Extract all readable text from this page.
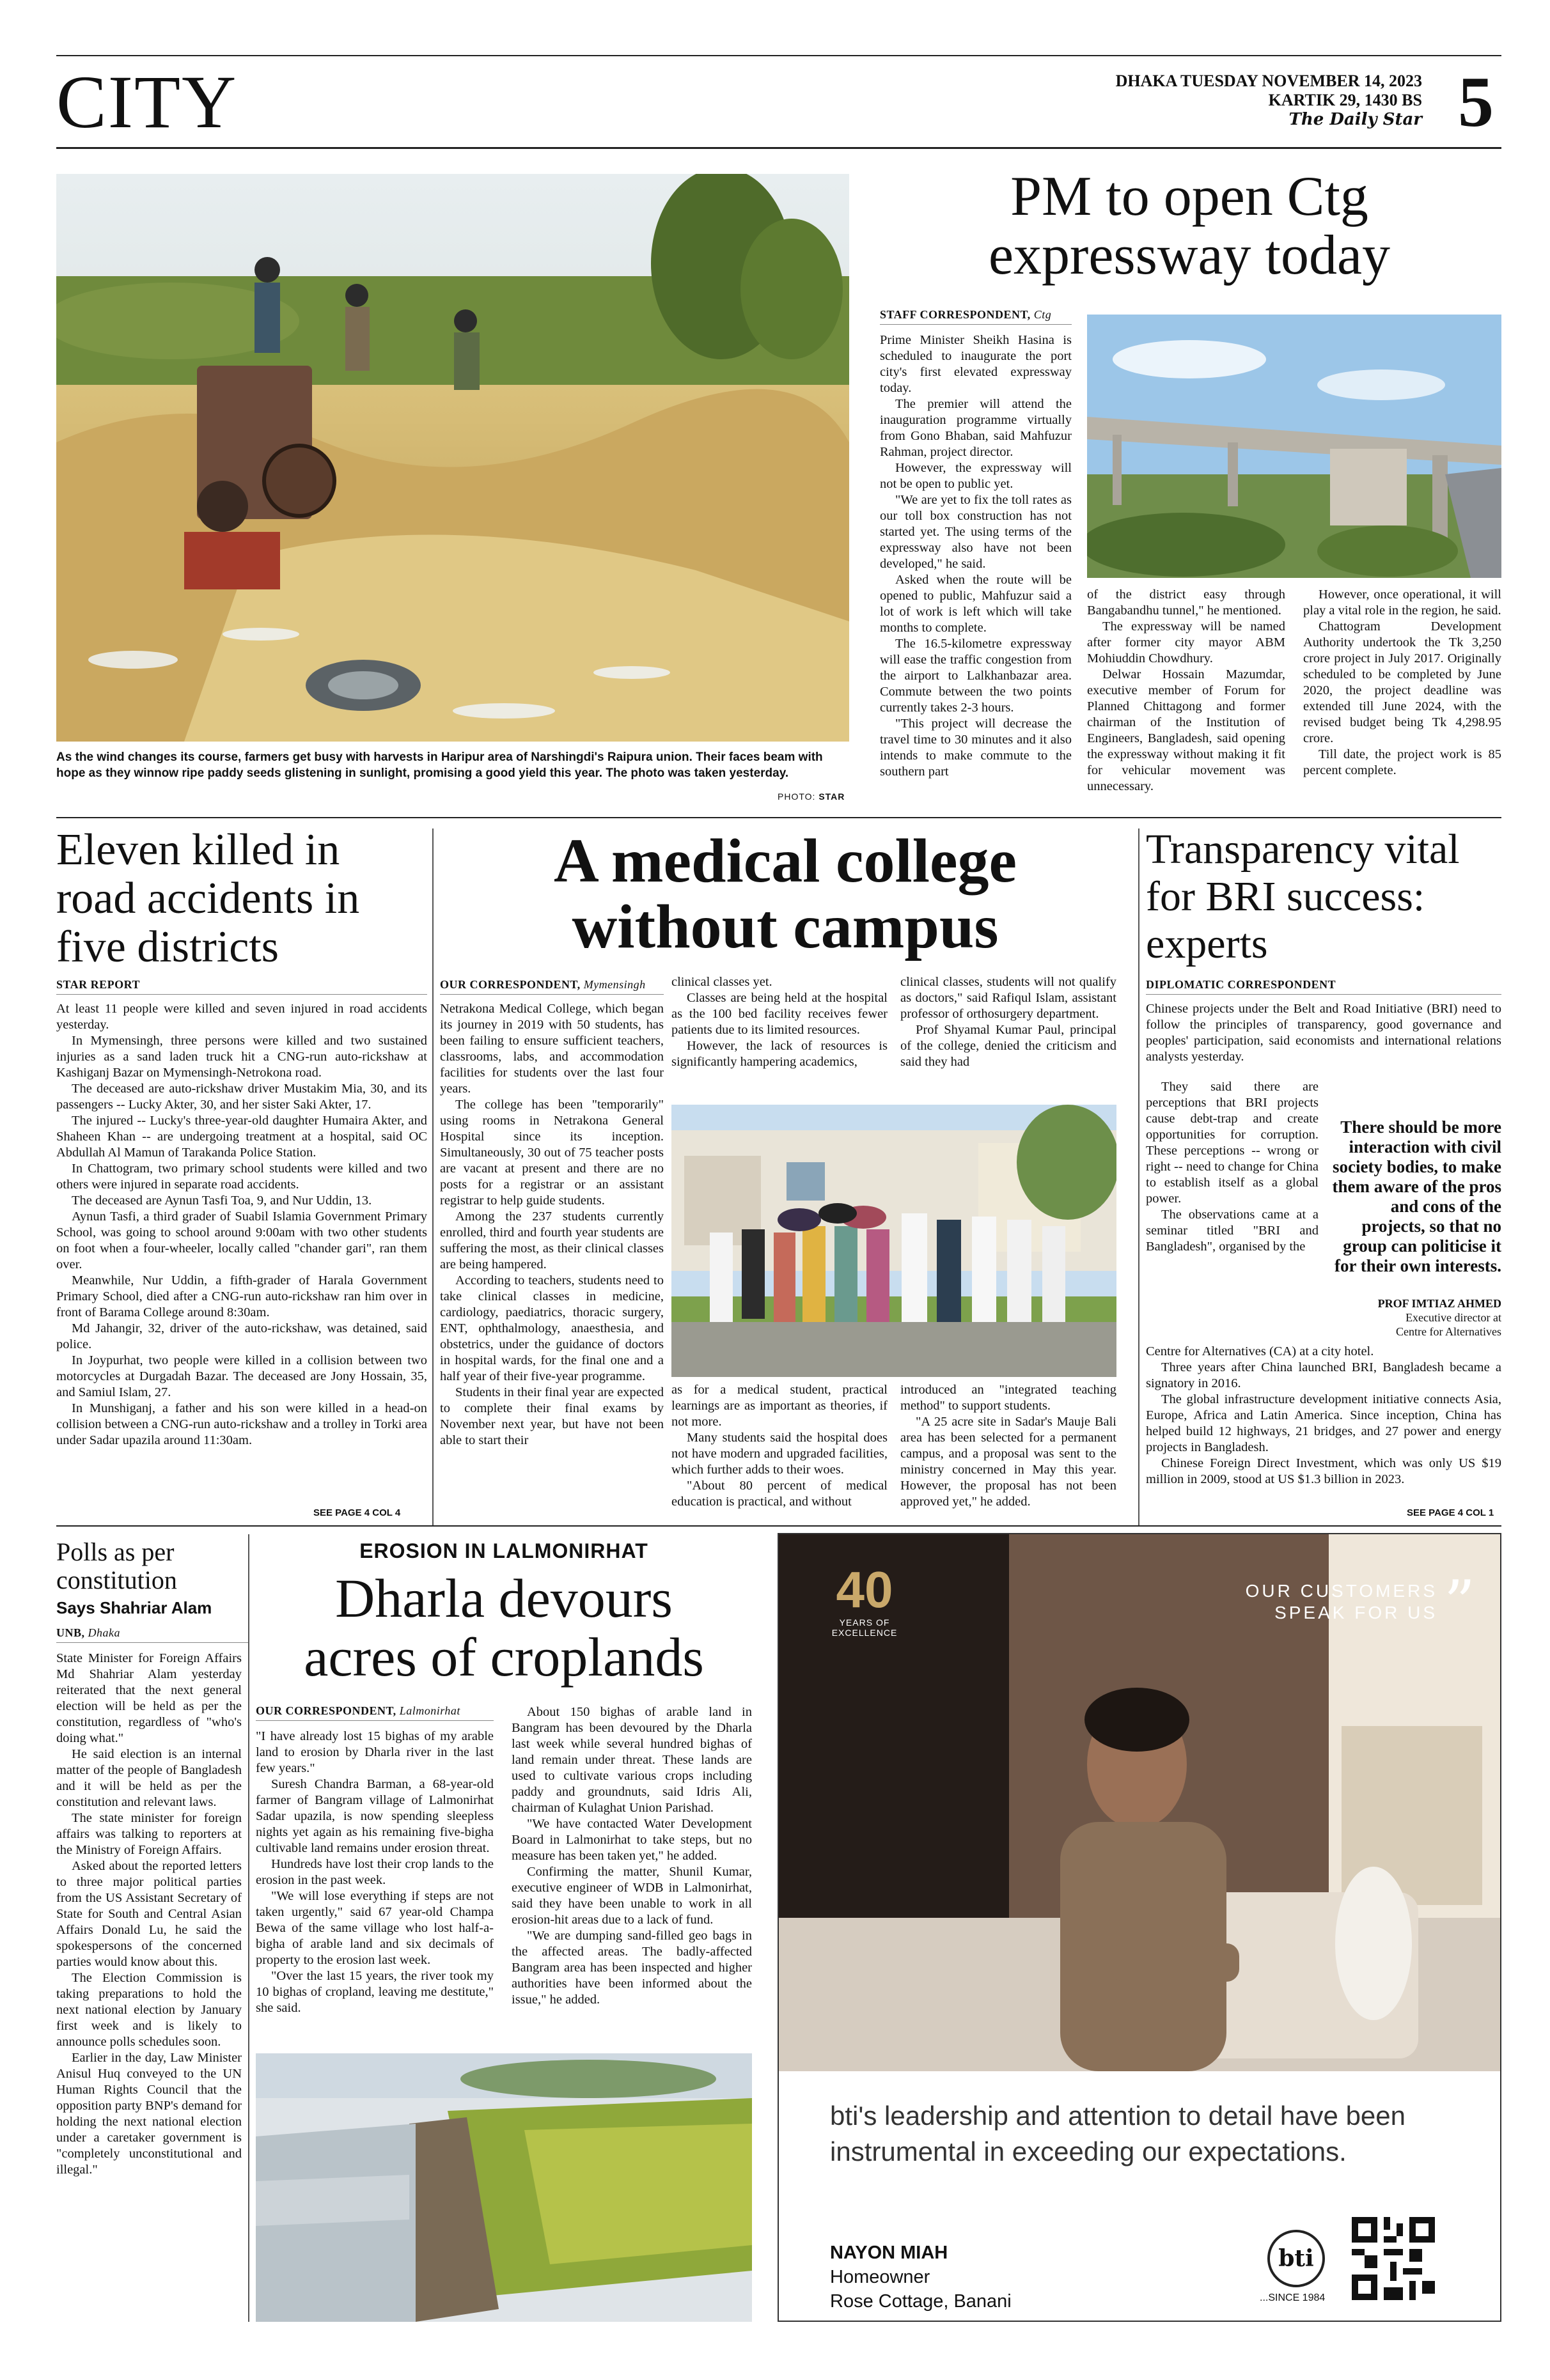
CITY	DHAKA TUESDAY NOVEMBER 14, 2023
KARTIK 29, 1430 BS
The Daily Star 5
As the wind changes its course, farmers get busy with harvests in Haripur area of Narshingdi's Raipura union. Their faces beam with hope as they winnow ripe paddy seeds glistening in sunlight, promising a good yield this year. The photo was taken yesterday.
PHOTO: STAR
PM to open Ctg
expressway today
STAFF CORRESPONDENT, Ctg

Prime Minister Sheikh Hasina is scheduled to inaugurate the port city's first elevated expressway today.

The premier will attend the inauguration programme virtually from Gono Bhaban, said Mahfuzur Rahman, project director.

However, the expressway will not be open to public yet.

"We are yet to fix the toll rates as our toll box construction has not started yet. The using terms of the expressway also have not been developed," he said.

Asked when the route will be opened to public, Mahfuzur said a lot of work is left which will take months to complete.

The 16.5-kilometre expressway will ease the traffic congestion from the airport to Lalkhanbazar area. Commute between the two points currently takes 2-3 hours.

"This project will decrease the travel time to 30 minutes and it also intends to make commute to the southern part

of the district easy through Bangabandhu tunnel," he mentioned.

The expressway will be named after former city mayor ABM Mohiuddin Chowdhury.

Delwar Hossain Mazumdar, executive member of Forum for Planned Chittagong and former chairman of the Institution of Engineers, Bangladesh, said opening the expressway without making it fit for vehicular movement was unnecessary.

However, once operational, it will play a vital role in the region, he said.

Chattogram Development Authority undertook the Tk 3,250 crore project in July 2017. Originally scheduled to be completed by June 2020, the project deadline was extended till June 2024, with the revised budget being Tk 4,298.95 crore.

Till date, the project work is 85 percent complete.

Eleven killed in road accidents in five districts
STAR REPORT

At least 11 people were killed and seven injured in road accidents yesterday.

In Mymensingh, three persons were killed and two sustained injuries as a sand laden truck hit a CNG-run auto-rickshaw at Kashiganj Bazar on Mymensingh-Netrokona road.

The deceased are auto-rickshaw driver Mustakim Mia, 30, and its passengers -- Lucky Akter, 30, and her sister Saki Akter, 17.

The injured -- Lucky's three-year-old daughter Humaira Akter, and Shaheen Khan -- are undergoing treatment at a hospital, said OC Abdullah Al Mamun of Tarakanda Police Station.

In Chattogram, two primary school students were killed and two others were injured in separate road accidents.

The deceased are Aynun Tasfi Toa, 9, and Nur Uddin, 13.

Aynun Tasfi, a third grader of Suabil Islamia Government Primary School, was going to school around 9:00am with two other students on foot when a four-wheeler, locally called "chander gari", ran them over.

Meanwhile, Nur Uddin, a fifth-grader of Harala Government Primary School, died after a CNG-run auto-rickshaw ran him over in front of Barama College around 8:30am.

Md Jahangir, 32, driver of the auto-rickshaw, was detained, said police.

In Joypurhat, two people were killed in a collision between two motorcycles at Durgadah Bazar. The deceased are Jony Hossain, 35, and Samiul Islam, 27.

In Munshiganj, a father and his son were killed in a head-on collision between a CNG-run auto-rickshaw and a trolley in Torki area under Sadar upazila around 11:30am.

SEE PAGE 4 COL 4
A medical college
without campus
OUR CORRESPONDENT, Mymensingh

Netrakona Medical College, which began its journey in 2019 with 50 students, has been failing to ensure sufficient teachers, classrooms, labs, and accommodation facilities for students over the last four years.

The college has been "temporarily" using rooms in Netrakona General Hospital since its inception. Simultaneously, 30 out of 75 teacher posts are vacant at present and there are no posts for a registrar or an assistant registrar to help guide students.

Among the 237 students currently enrolled, third and fourth year students are suffering the most, as their clinical classes are being hampered.

According to teachers, students need to take clinical classes in medicine, cardiology, paediatrics, thoracic surgery, ENT, ophthalmology, anaesthesia, and obstetrics, under the guidance of doctors in hospital wards, for the final one and a half year of their five-year programme.

Students in their final year are expected to complete their final exams by November next year, but have not been able to start their

clinical classes yet.

Classes are being held at the hospital as the 100 bed facility receives fewer patients due to its limited resources.

However, the lack of resources is significantly hampering academics,

clinical classes, students will not qualify as doctors," said Rafiqul Islam, assistant professor of orthosurgery department.

Prof Shyamal Kumar Paul, principal of the college, denied the criticism and said they had

as for a medical student, practical learnings are as important as theories, if not more.

Many students said the hospital does not have modern and upgraded facilities, which further adds to their woes.

"About 80 percent of medical education is practical, and without

introduced an "integrated teaching method" to support students.

"A 25 acre site in Sadar's Mauje Bali area has been selected for a permanent campus, and a proposal was sent to the ministry concerned in May this year. However, the proposal has not been approved yet," he added.

Transparency vital for BRI success: experts
DIPLOMATIC CORRESPONDENT

Chinese projects under the Belt and Road Initiative (BRI) need to follow the principles of transparency, good governance and peoples' participation, said economists and international relations analysts yesterday.

They said there are perceptions that BRI projects cause debt-trap and create opportunities for corruption. These perceptions -- wrong or right -- need to change for China to establish itself as a global power.

The observations came at a seminar titled "BRI and Bangladesh", organised by the

There should be more interaction with civil society bodies, to make them aware of the pros and cons of the projects, so that no group can politicise it for their own interests.
PROF IMTIAZ AHMED
Executive director at
Centre for Alternatives

Centre for Alternatives (CA) at a city hotel.

Three years after China launched BRI, Bangladesh became a signatory in 2016.

The global infrastructure development initiative connects Asia, Europe, Africa and Latin America. Since inception, China has helped build 12 highways, 21 bridges, and 27 power and energy projects in Bangladesh.

Chinese Foreign Direct Investment, which was only US $19 million in 2009, stood at US $1.3 billion in 2023.

SEE PAGE 4 COL 1
Polls as per
constitution
Says Shahriar Alam
UNB, Dhaka

State Minister for Foreign Affairs Md Shahriar Alam yesterday reiterated that the next general election will be held as per the constitution, regardless of "who's doing what."

He said election is an internal matter of the people of Bangladesh and it will be held as per the constitution and relevant laws.

The state minister for foreign affairs was talking to reporters at the Ministry of Foreign Affairs.

Asked about the reported letters to three major political parties from the US Assistant Secretary of State for South and Central Asian Affairs Donald Lu, he said the spokespersons of the concerned parties would know about this.

The Election Commission is taking preparations to hold the next national election by January first week and is likely to announce polls schedules soon.

Earlier in the day, Law Minister Anisul Huq conveyed to the UN Human Rights Council that the opposition party BNP's demand for holding the next national election under a caretaker government is "completely unconstitutional and illegal."

EROSION IN LALMONIRHAT
Dharla devours
acres of croplands
OUR CORRESPONDENT, Lalmonirhat

"I have already lost 15 bighas of my arable land to erosion by Dharla river in the last few years."

Suresh Chandra Barman, a 68-year-old farmer of Bangram village of Lalmonirhat Sadar upazila, is now spending sleepless nights yet again as his remaining five-bigha cultivable land remains under erosion threat.

Hundreds have lost their crop lands to the erosion in the past week.

"We will lose everything if steps are not taken urgently," said 67 year-old Champa Bewa of the same village who lost half-a-bigha of arable land and six decimals of property to the erosion last week.

"Over the last 15 years, the river took my 10 bighas of cropland, leaving me destitute," she said.

About 150 bighas of arable land in Bangram has been devoured by the Dharla last week while several hundred bighas of land remain under threat. These lands are used to cultivate various crops including paddy and groundnuts, said Idris Ali, chairman of Kulaghat Union Parishad.

"We have contacted Water Development Board in Lalmonirhat to take steps, but no measure has been taken yet," he added.

Confirming the matter, Shunil Kumar, executive engineer of WDB in Lalmonirhat, said they have been unable to work in all erosion-hit areas due to a lack of fund.

"We are dumping sand-filled geo bags in the affected areas. The badly-affected Bangram area has been inspected and higher authorities have been informed about the issue," he added.

40
YEARS OF
EXCELLENCE
OUR CUSTOMERS
SPEAK FOR US ”
bti's leadership and attention to detail have been instrumental in exceeding our expectations.
NAYON MIAH
Homeowner
Rose Cottage, Banani
bti
...SINCE 1984
